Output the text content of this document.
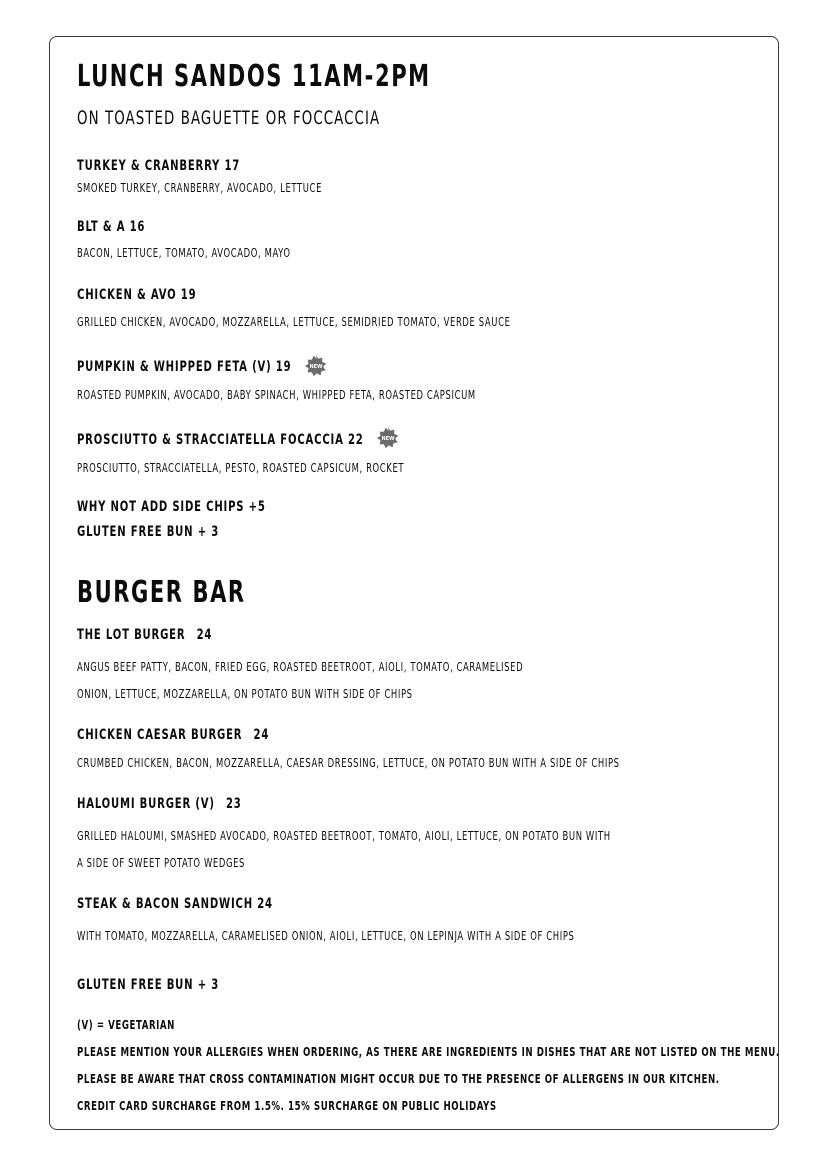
LUNCH SANDOS 11AM-2PM
ON TOASTED BAGUETTE OR FOCCACCIA
TURKEY & CRANBERRY 17
SMOKED TURKEY, CRANBERRY, AVOCADO, LETTUCE
BLT & A 16
BACON, LETTUCE, TOMATO, AVOCADO, MAYO
CHICKEN & AVO 19
GRILLED CHICKEN, AVOCADO, MOZZARELLA, LETTUCE, SEMIDRIED TOMATO, VERDE SAUCE
PUMPKIN & WHIPPED FETA (V) 19	NEW
ROASTED PUMPKIN, AVOCADO, BABY SPINACH, WHIPPED FETA, ROASTED CAPSICUM
PROSCIUTTO & STRACCIATELLA FOCACCIA 22	NEW
PROSCIUTTO, STRACCIATELLA, PESTO, ROASTED CAPSICUM, ROCKET
WHY NOT ADD SIDE CHIPS +5
GLUTEN FREE BUN + 3
BURGER BAR
THE LOT BURGER 24
ANGUS BEEF PATTY, BACON, FRIED EGG, ROASTED BEETROOT, AIOLI, TOMATO, CARAMELISED
ONION, LETTUCE, MOZZARELLA, ON POTATO BUN WITH SIDE OF CHIPS
CHICKEN CAESAR BURGER 24
CRUMBED CHICKEN, BACON, MOZZARELLA, CAESAR DRESSING, LETTUCE, ON POTATO BUN WITH A SIDE OF CHIPS
HALOUMI BURGER (V) 23
GRILLED HALOUMI, SMASHED AVOCADO, ROASTED BEETROOT, TOMATO, AIOLI, LETTUCE, ON POTATO BUN WITH
A SIDE OF SWEET POTATO WEDGES
STEAK & BACON SANDWICH 24
WITH TOMATO, MOZZARELLA, CARAMELISED ONION, AIOLI, LETTUCE, ON LEPINJA WITH A SIDE OF CHIPS
GLUTEN FREE BUN + 3
(V) = VEGETARIAN
PLEASE MENTION YOUR ALLERGIES WHEN ORDERING, AS THERE ARE INGREDIENTS IN DISHES THAT ARE NOT LISTED ON THE MENU.
PLEASE BE AWARE THAT CROSS CONTAMINATION MIGHT OCCUR DUE TO THE PRESENCE OF ALLERGENS IN OUR KITCHEN.
CREDIT CARD SURCHARGE FROM 1.5%. 15% SURCHARGE ON PUBLIC HOLIDAYS
